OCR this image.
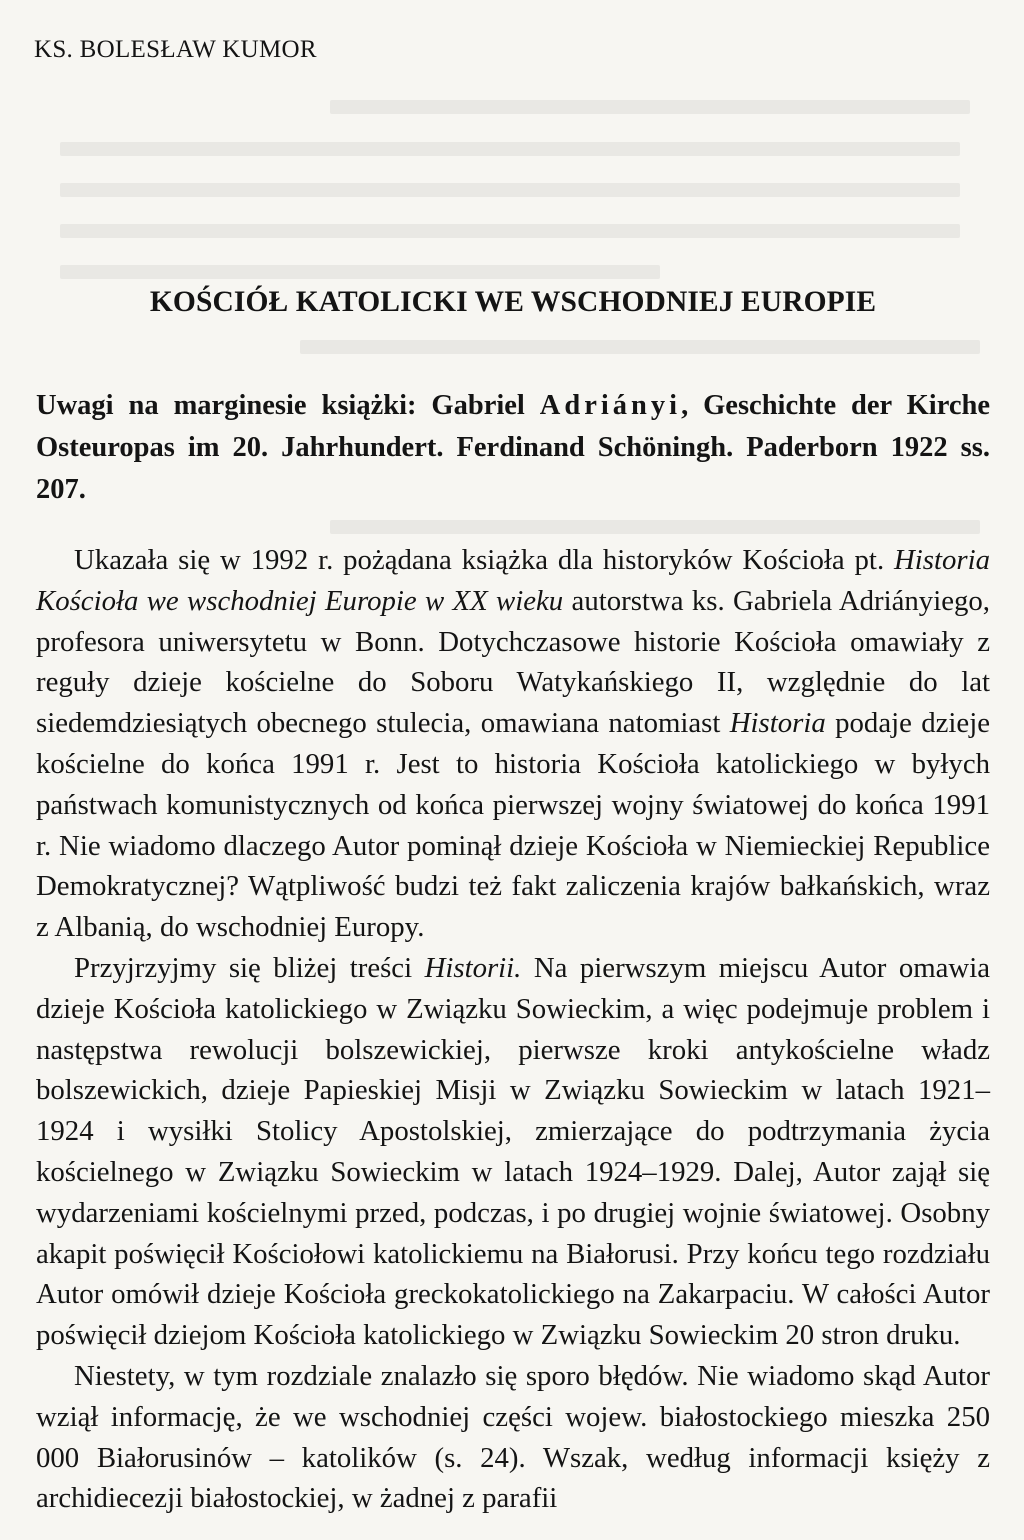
KS. BOLESŁAW KUMOR
KOŚCIÓŁ KATOLICKI WE WSCHODNIEJ EUROPIE
Uwagi na marginesie książki: Gabriel Adriányi, Geschichte der Kirche Osteuropas im 20. Jahrhundert. Ferdinand Schöningh. Paderborn 1922 ss. 207.

Ukazała się w 1992 r. pożądana książka dla historyków Kościoła pt. Historia Kościoła we wschodniej Europie w XX wieku autorstwa ks. Gabriela Adriányiego, profesora uniwersytetu w Bonn. Dotychczasowe historie Kościoła omawiały z reguły dzieje kościelne do Soboru Watykańskiego II, względnie do lat siedemdziesiątych obecnego stulecia, omawiana natomiast Historia podaje dzieje kościelne do końca 1991 r. Jest to historia Kościoła katolickiego w byłych państwach komunistycznych od końca pierwszej wojny światowej do końca 1991 r. Nie wiadomo dlaczego Autor pominął dzieje Kościoła w Niemieckiej Republice Demokratycznej? Wątpliwość budzi też fakt zaliczenia krajów bałkańskich, wraz z Albanią, do wschodniej Europy.

Przyjrzyjmy się bliżej treści Historii. Na pierwszym miejscu Autor omawia dzieje Kościoła katolickiego w Związku Sowieckim, a więc podejmuje problem i następstwa rewolucji bolszewickiej, pierwsze kroki antykościelne władz bolszewickich, dzieje Papieskiej Misji w Związku Sowieckim w latach 1921–1924 i wysiłki Stolicy Apostolskiej, zmierzające do podtrzymania życia kościelnego w Związku Sowieckim w latach 1924–1929. Dalej, Autor zajął się wydarzeniami kościelnymi przed, podczas, i po drugiej wojnie światowej. Osobny akapit poświęcił Kościołowi katolickiemu na Białorusi. Przy końcu tego rozdziału Autor omówił dzieje Kościoła greckokatolickiego na Zakarpaciu. W całości Autor poświęcił dziejom Kościoła katolickiego w Związku Sowieckim 20 stron druku.

Niestety, w tym rozdziale znalazło się sporo błędów. Nie wiadomo skąd Autor wziął informację, że we wschodniej części wojew. białostockiego mieszka 250 000 Białorusinów – katolików (s. 24). Wszak, według informacji księży z archidiecezji białostockiej, w żadnej z parafii
